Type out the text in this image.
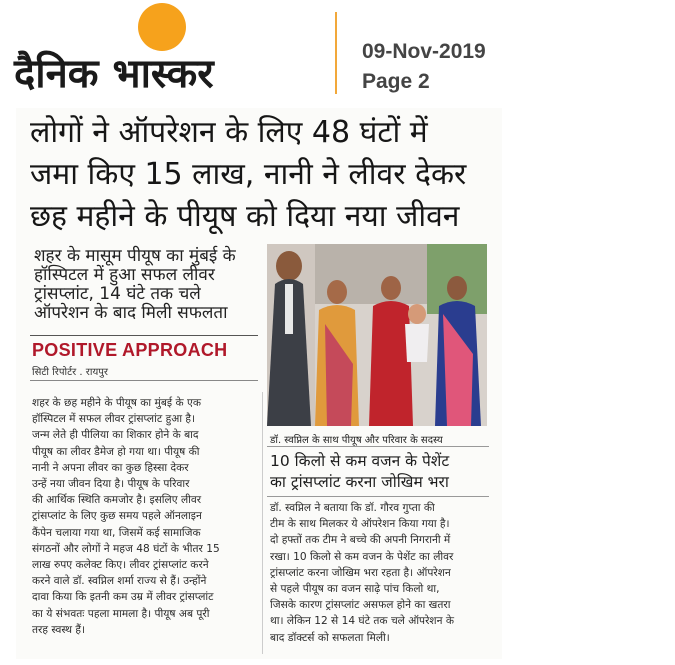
दैनिक भास्कर	09-Nov-2019
Page 2
लोगों ने ऑपरेशन के लिए 48 घंटों में
जमा किए 15 लाख, नानी ने लीवर देकर
छह महीने के पीयूष को दिया नया जीवन
शहर के मासूम पीयूष का मुंबई के
हॉस्पिटल में हुआ सफल लीवर
ट्रांसप्लांट, 14 घंटे तक चले
ऑपरेशन के बाद मिली सफलता
POSITIVE APPROACH
सिटी रिपोर्टर . रायपुर
शहर के छह महीने के पीयूष का मुंबई के एक
हॉस्पिटल में सफल लीवर ट्रांसप्लांट हुआ है।
जन्म लेते ही पीलिया का शिकार होने के बाद
पीयूष का लीवर डैमेज हो गया था। पीयूष की
नानी ने अपना लीवर का कुछ हिस्सा देकर
उन्हें नया जीवन दिया है। पीयूष के परिवार
की आर्थिक स्थिति कमजोर है। इसलिए लीवर
ट्रांसप्लांट के लिए कुछ समय पहले ऑनलाइन
कैंपेन चलाया गया था, जिसमें कई सामाजिक
संगठनों और लोगों ने महज 48 घंटों के भीतर 15
लाख रुपए कलेक्ट किए। लीवर ट्रांसप्लांट करने
करने वाले डॉ. स्वप्निल शर्मा राज्य से हैं। उन्होंने
दावा किया कि इतनी कम उम्र में लीवर ट्रांसप्लांट
का ये संभवतः पहला मामला है। पीयूष अब पूरी
तरह स्वस्थ हैं।
डॉ. स्वप्निल के साथ पीयूष और परिवार के सदस्य
10 किलो से कम वजन के पेशेंट
का ट्रांसप्लांट करना जोखिम भरा
डॉ. स्वप्निल ने बताया कि डॉ. गौरव गुप्ता की
टीम के साथ मिलकर ये ऑपरेशन किया गया है।
दो हफ्तों तक टीम ने बच्चे की अपनी निगरानी में
रखा। 10 किलो से कम वजन के पेशेंट का लीवर
ट्रांसप्लांट करना जोखिम भरा रहता है। ऑपरेशन
से पहले पीयूष का वजन साढ़े पांच किलो था,
जिसके कारण ट्रांसप्लांट असफल होने का खतरा
था। लेकिन 12 से 14 घंटे तक चले ऑपरेशन के
बाद डॉक्टर्स को सफलता मिली।
